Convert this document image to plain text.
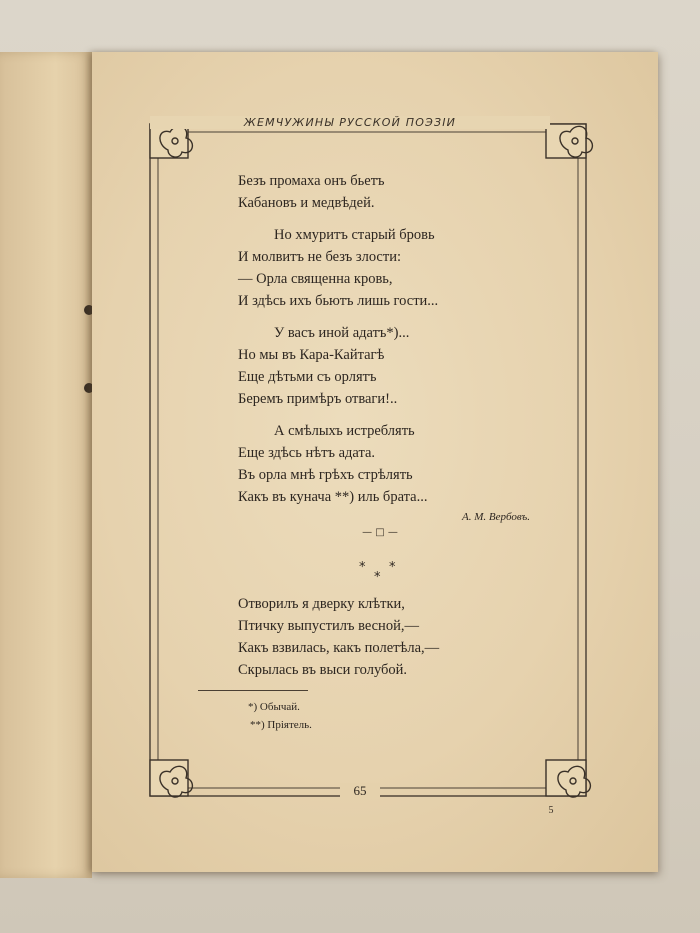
ЖЕМЧУЖИНЫ РУССКОЙ ПОЭЗІИ
Безъ промаха онъ бьетъ
Кабановъ и медвѣдей.
Но хмуритъ старый бровь
И молвитъ не безъ злости:
— Орла священна кровь,
И здѣсь ихъ бьютъ лишь гости...
У васъ иной адатъ*)...
Но мы въ Кара-Кайтагѣ
Еще дѣтьми съ орлятъ
Беремъ примѣръ отваги!..
А смѣлыхъ истреблять
Еще здѣсь нѣтъ адата.
Въ орла мнѣ грѣхъ стрѣлять
Какъ въ кунача **) иль брата...
А. М. Вербовъ.
— □ —
* *
*
Отворилъ я дверку клѣтки,
Птичку выпустилъ весной,—
Какъ взвилась, какъ полетѣла,—
Скрылась въ выси голубой.
*) Обычай.
**) Пріятель.
65
5
